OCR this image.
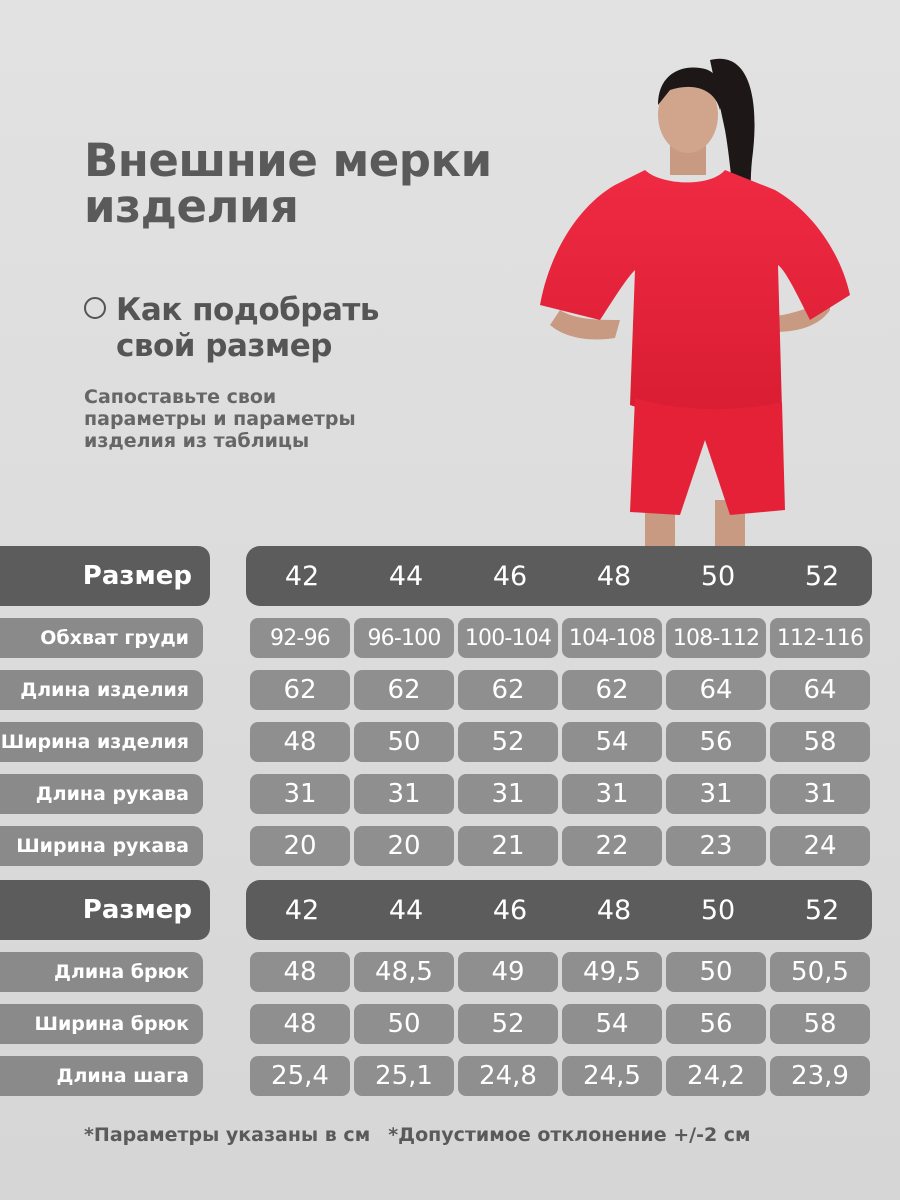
Внешние мерки
изделия
Как подобрать
свой размер
Сапоставьте свои
параметры и параметры
изделия из таблицы
Размер	42	44	46	48	50	52
Обхват груди	92-96	96-100	100-104 104-108 108-112 112-116
Длина изделия	62	62	62	62	64	64
Ширина изделия	48	50	52	54	56	58
Длина рукава	31	31	31	31	31	31
Ширина рукава	20	20	21	22	23	24
Размер	42	44	46	48	50	52
Длина брюк	48	48,5	49	49,5	50	50,5
Ширина брюк	48	50	52	54	56	58
Длина шага	25,4	25,1	24,8	24,5	24,2	23,9
*Параметры указаны в см *Допустимое отклонение +/-2 см
